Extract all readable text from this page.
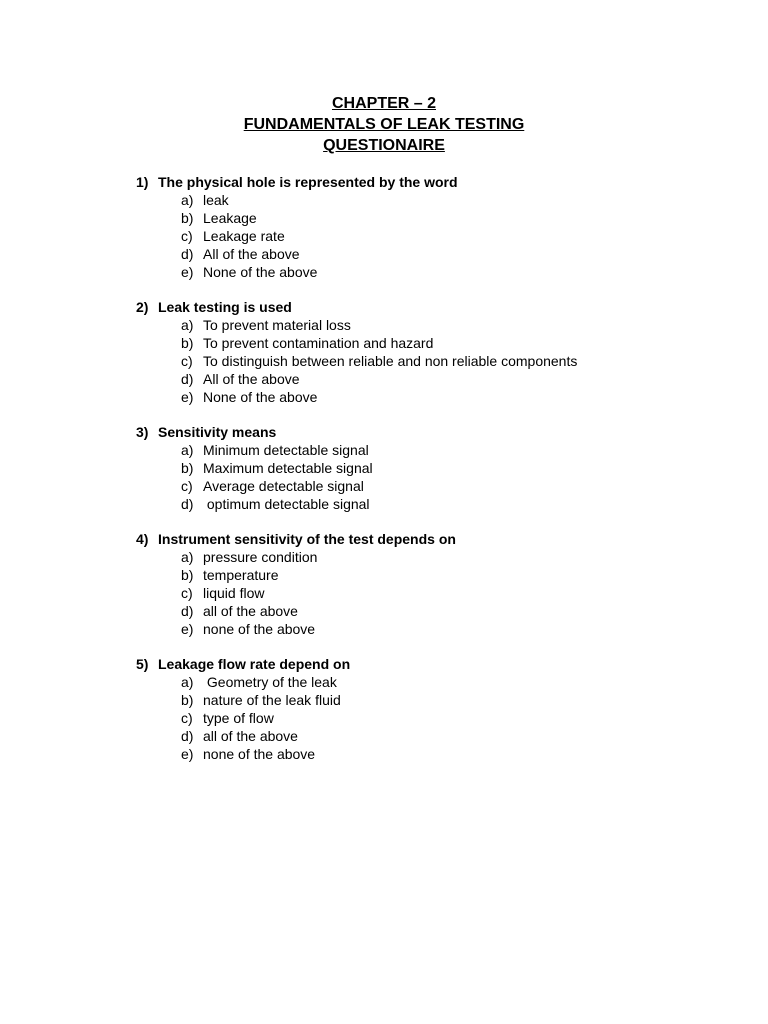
CHAPTER – 2
FUNDAMENTALS OF LEAK TESTING
QUESTIONAIRE
1) The physical hole is represented by the word
a) leak
b) Leakage
c) Leakage rate
d) All of the above
e) None of the above
2) Leak testing is used
a) To prevent material loss
b) To prevent contamination and hazard
c) To distinguish between reliable and non reliable components
d) All of the above
e) None of the above
3) Sensitivity means
a) Minimum detectable signal
b) Maximum detectable signal
c) Average detectable signal
d) optimum detectable signal
4) Instrument sensitivity of the test depends on
a) pressure condition
b) temperature
c) liquid flow
d) all of the above
e) none of the above
5) Leakage flow rate depend on
a) Geometry of the leak
b) nature of the leak fluid
c) type of flow
d) all of the above
e) none of the above
